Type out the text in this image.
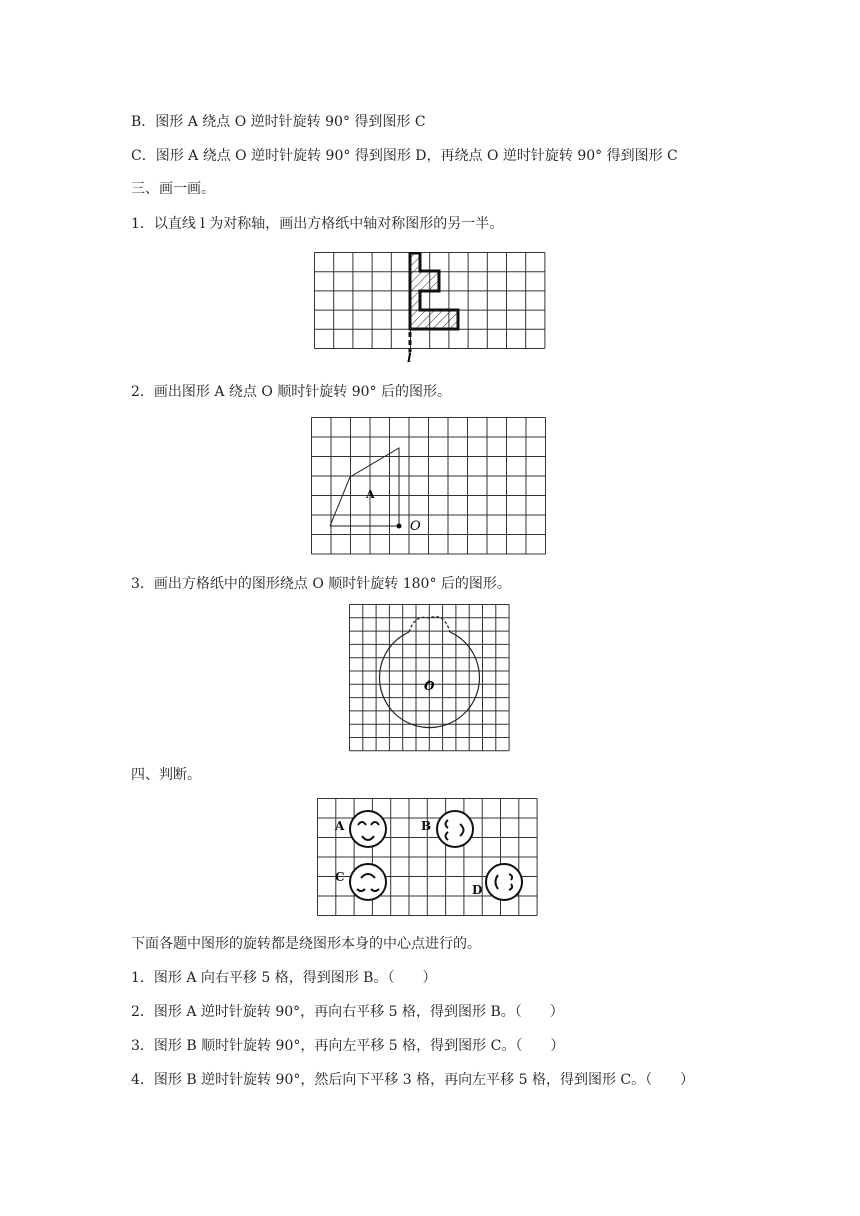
B．图形 A 绕点 O 逆时针旋转 90° 得到图形 C
C．图形 A 绕点 O 逆时针旋转 90° 得到图形 D，再绕点 O 逆时针旋转 90° 得到图形 C
三、画一画。
1．以直线 l 为对称轴，画出方格纸中轴对称图形的另一半。
2．画出图形 A 绕点 O 顺时针旋转 90° 后的图形。
3．画出方格纸中的图形绕点 O 顺时针旋转 180° 后的图形。
四、判断。
下面各题中图形的旋转都是绕图形本身的中心点进行的。
1．图形 A 向右平移 5 格，得到图形 B。（　　）
2．图形 A 逆时针旋转 90°，再向右平移 5 格，得到图形 B。（　　）
3．图形 B 顺时针旋转 90°，再向左平移 5 格，得到图形 C。（　　）
4．图形 B 逆时针旋转 90°，然后向下平移 3 格，再向左平移 5 格，得到图形 C。（　　）
l
A
O
O
A	B
C
D
